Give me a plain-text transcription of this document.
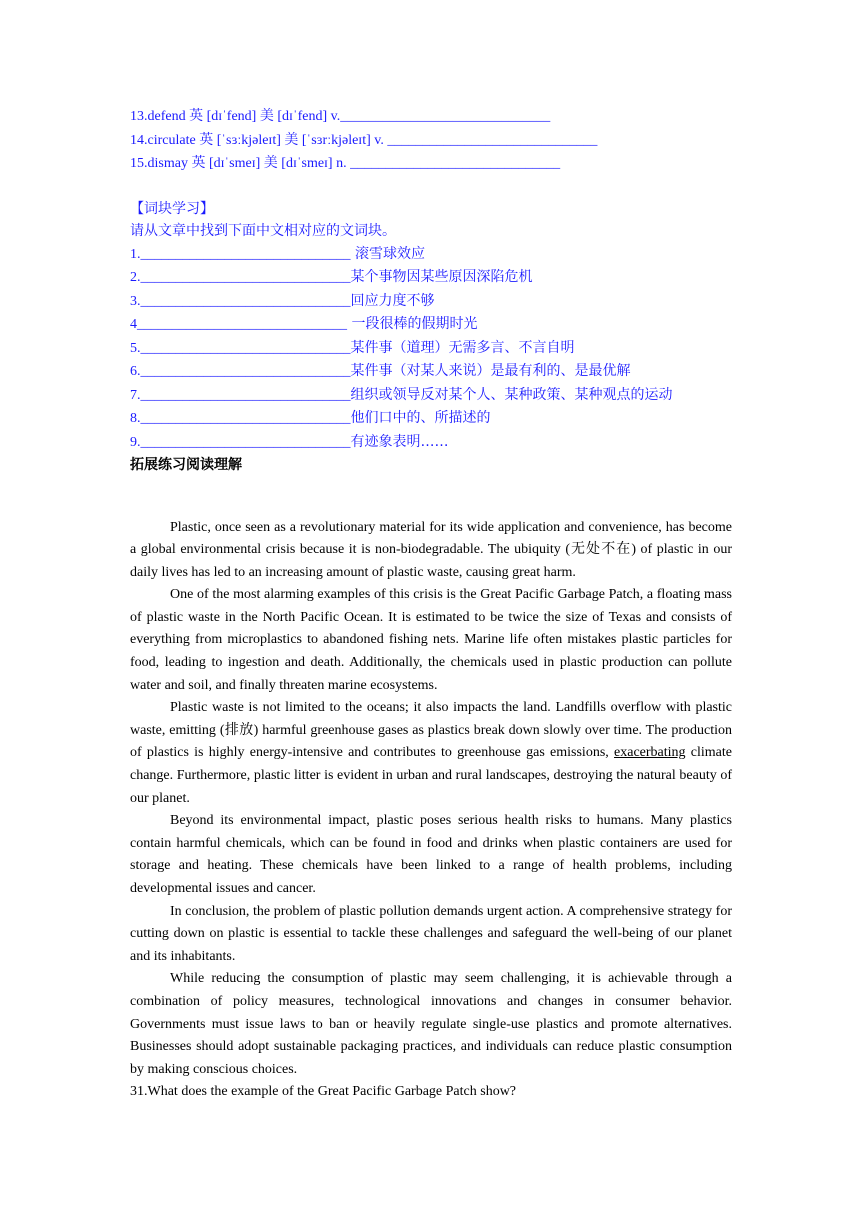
13.defend 英 [dɪˈfend] 美 [dɪˈfend] v.______________________________
14.circulate 英 [ˈsɜːkjəleɪt] 美 [ˈsɜrːkjəleɪt] v. ______________________________
15.dismay 英 [dɪˈsmeɪ] 美 [dɪˈsmeɪ] n. ______________________________
【词块学习】
请从文章中找到下面中文相对应的文词块。
1.______________________________ 滚雪球效应
2.______________________________某个事物因某些原因深陷危机
3.______________________________回应力度不够
4______________________________ 一段很棒的假期时光
5.______________________________某件事（道理）无需多言、不言自明
6.______________________________某件事（对某人来说）是最有利的、是最优解
7.______________________________组织或领导反对某个人、某种政策、某种观点的运动
8.______________________________他们口中的、所描述的
9.______________________________有迹象表明……
拓展练习阅读理解

Plastic, once seen as a revolutionary material for its wide application and convenience, has become a global environmental crisis because it is non-biodegradable. The ubiquity (无处不在) of plastic in our daily lives has led to an increasing amount of plastic waste, causing great harm.

One of the most alarming examples of this crisis is the Great Pacific Garbage Patch, a floating mass of plastic waste in the North Pacific Ocean. It is estimated to be twice the size of Texas and consists of everything from microplastics to abandoned fishing nets. Marine life often mistakes plastic particles for food, leading to ingestion and death. Additionally, the chemicals used in plastic production can pollute water and soil, and finally threaten marine ecosystems.

Plastic waste is not limited to the oceans; it also impacts the land. Landfills overflow with plastic waste, emitting (排放) harmful greenhouse gases as plastics break down slowly over time. The production of plastics is highly energy-intensive and contributes to greenhouse gas emissions, exacerbating climate change. Furthermore, plastic litter is evident in urban and rural landscapes, destroying the natural beauty of our planet.

Beyond its environmental impact, plastic poses serious health risks to humans. Many plastics contain harmful chemicals, which can be found in food and drinks when plastic containers are used for storage and heating. These chemicals have been linked to a range of health problems, including developmental issues and cancer.

In conclusion, the problem of plastic pollution demands urgent action. A comprehensive strategy for cutting down on plastic is essential to tackle these challenges and safeguard the well-being of our planet and its inhabitants.

While reducing the consumption of plastic may seem challenging, it is achievable through a combination of policy measures, technological innovations and changes in consumer behavior. Governments must issue laws to ban or heavily regulate single-use plastics and promote alternatives. Businesses should adopt sustainable packaging practices, and individuals can reduce plastic consumption by making conscious choices.

31.What does the example of the Great Pacific Garbage Patch show?
